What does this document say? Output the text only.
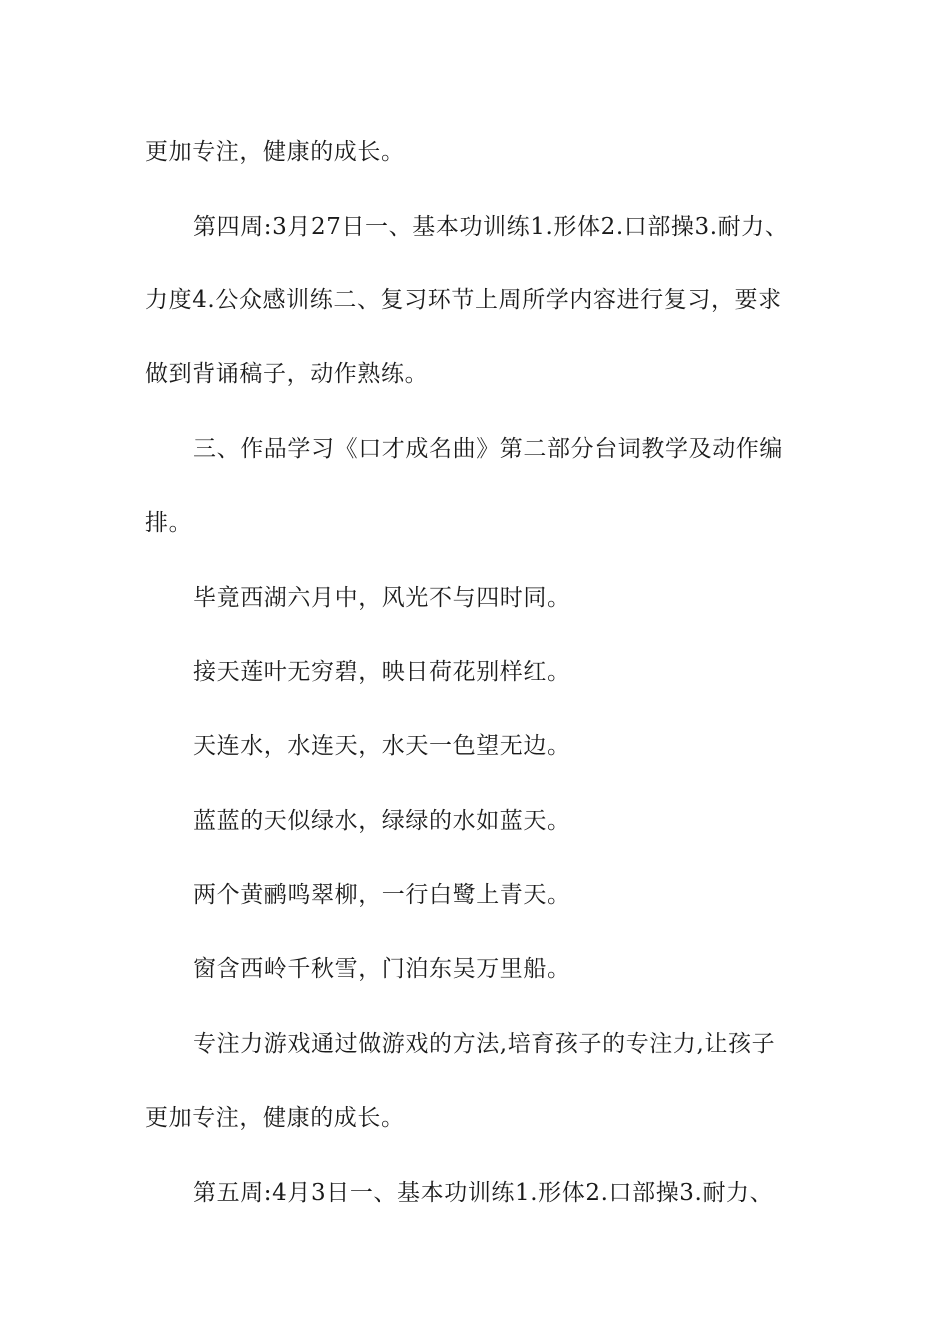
更加专注，健康的成长。
第四周:3月27日一、基本功训练1.形体2.口部操3.耐力、
力度4.公众感训练二、复习环节上周所学内容进行复习，要求
做到背诵稿子，动作熟练。
三、作品学习《口才成名曲》第二部分台词教学及动作编
排。
毕竟西湖六月中，风光不与四时同。
接天莲叶无穷碧，映日荷花别样红。
天连水，水连天，水天一色望无边。
蓝蓝的天似绿水，绿绿的水如蓝天。
两个黄鹂鸣翠柳，一行白鹭上青天。
窗含西岭千秋雪，门泊东吴万里船。
专注力游戏通过做游戏的方法,培育孩子的专注力,让孩子
更加专注，健康的成长。
第五周:4月3日一、基本功训练1.形体2.口部操3.耐力、
